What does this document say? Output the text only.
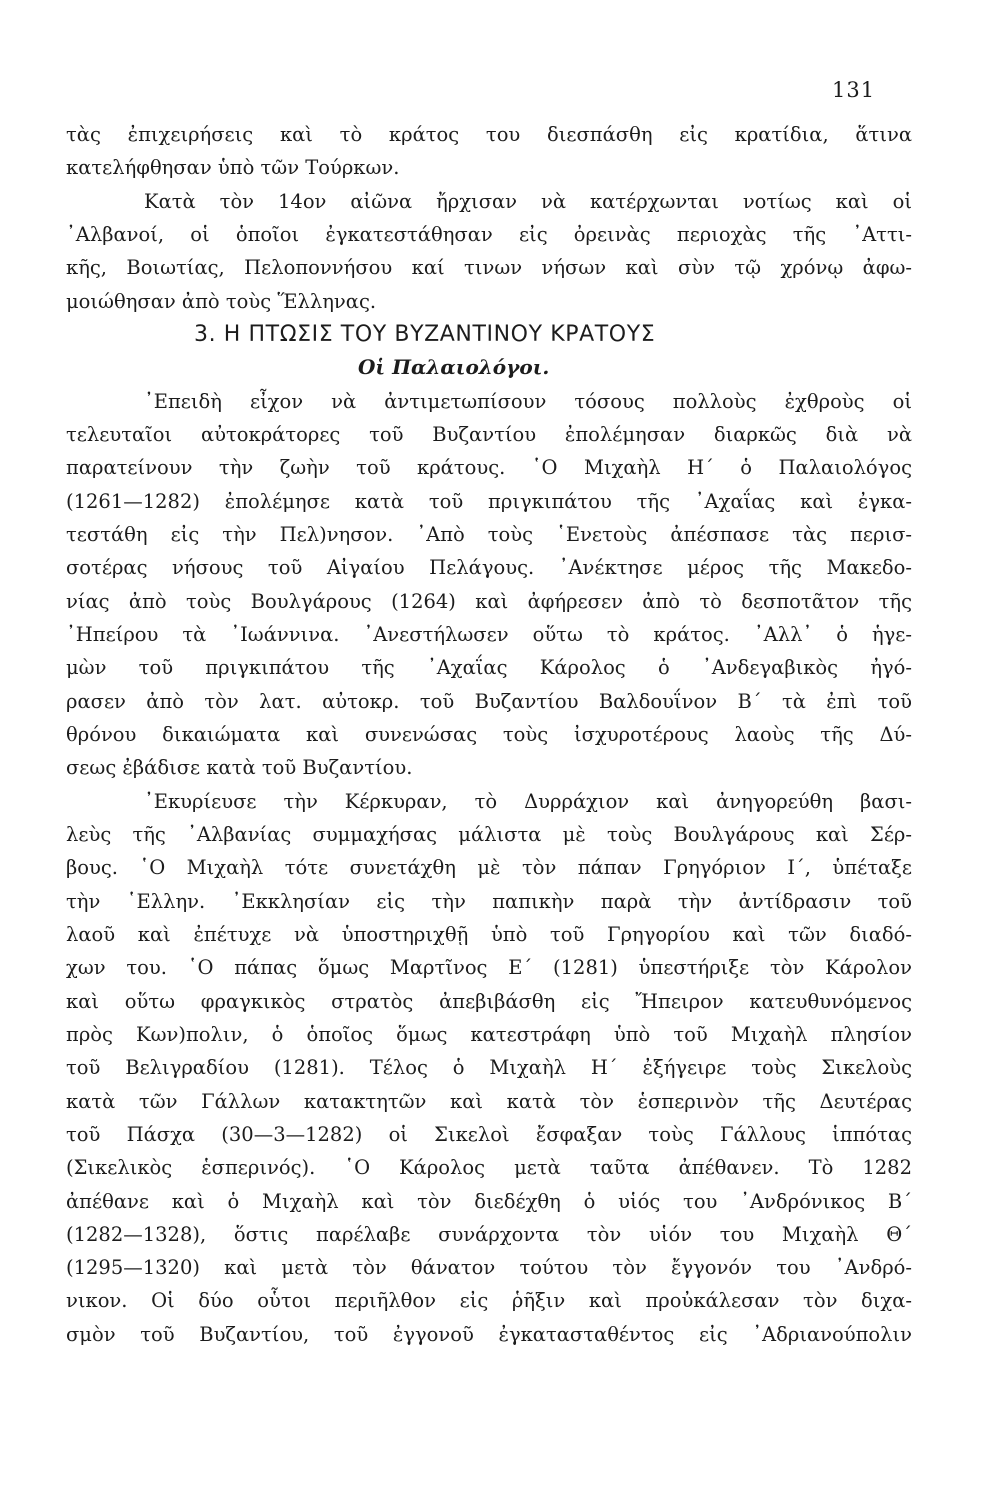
131
τὰς ἐπιχειρήσεις καὶ τὸ κράτος του διεσπάσθη εἰς κρατίδια, ἅτινα
κατελήφθησαν ὑπὸ τῶν Τούρκων.
Κατὰ τὸν 14ον αἰῶνα ἤρχισαν νὰ κατέρχωνται νοτίως καὶ οἱ
᾿Αλβανοί, οἱ ὁποῖοι ἐγκατεστάθησαν εἰς ὀρεινὰς περιοχὰς τῆς ᾿Αττι-
κῆς, Βοιωτίας, Πελοποννήσου καί τινων νήσων καὶ σὺν τῷ χρόνῳ ἀφω-
μοιώθησαν ἀπὸ τοὺς Ἕλληνας.
3. Η ΠΤΩΣΙΣ ΤΟΥ ΒΥΖΑΝΤΙΝΟΥ ΚΡΑΤΟΥΣ
Οἱ Παλαιολόγοι.
᾿Επειδὴ εἶχον νὰ ἀντιμετωπίσουν τόσους πολλοὺς ἐχθροὺς οἱ
τελευταῖοι αὐτοκράτορες τοῦ Βυζαντίου ἐπολέμησαν διαρκῶς διὰ νὰ
παρατείνουν τὴν ζωὴν τοῦ κράτους. ῾Ο Μιχαὴλ Η΄ ὁ Παλαιολόγος
(1261—1282) ἐπολέμησε κατὰ τοῦ πριγκιπάτου τῆς ᾿Αχαΐας καὶ ἐγκα-
τεστάθη εἰς τὴν Πελ)νησον. ᾿Απὸ τοὺς ῾Ενετοὺς ἀπέσπασε τὰς περισ-
σοτέρας νήσους τοῦ Αἰγαίου Πελάγους. ᾿Ανέκτησε μέρος τῆς Μακεδο-
νίας ἀπὸ τοὺς Βουλγάρους (1264) καὶ ἀφήρεσεν ἀπὸ τὸ δεσποτᾶτον τῆς
᾿Ηπείρου τὰ ᾿Ιωάννινα. ᾿Ανεστήλωσεν οὕτω τὸ κράτος. ᾿Αλλ᾿ ὁ ἡγε-
μὼν τοῦ πριγκιπάτου τῆς ᾿Αχαΐας Κάρολος ὁ ᾿Ανδεγαβικὸς ἠγό-
ρασεν ἀπὸ τὸν λατ. αὐτοκρ. τοῦ Βυζαντίου Βαλδουΐνον Β΄ τὰ ἐπὶ τοῦ
θρόνου δικαιώματα καὶ συνενώσας τοὺς ἰσχυροτέρους λαοὺς τῆς Δύ-
σεως ἐβάδισε κατὰ τοῦ Βυζαντίου.
᾿Εκυρίευσε τὴν Κέρκυραν, τὸ Δυρράχιον καὶ ἀνηγορεύθη βασι-
λεὺς τῆς ᾿Αλβανίας συμμαχήσας μάλιστα μὲ τοὺς Βουλγάρους καὶ Σέρ-
βους. ῾Ο Μιχαὴλ τότε συνετάχθη μὲ τὸν πάπαν Γρηγόριον Ι΄, ὑπέταξε
τὴν ῾Ελλην. ᾿Εκκλησίαν εἰς τὴν παπικὴν παρὰ τὴν ἀντίδρασιν τοῦ
λαοῦ καὶ ἐπέτυχε νὰ ὑποστηριχθῇ ὑπὸ τοῦ Γρηγορίου καὶ τῶν διαδό-
χων του. ῾Ο πάπας ὅμως Μαρτῖνος Ε΄ (1281) ὑπεστήριξε τὸν Κάρολον
καὶ οὕτω φραγκικὸς στρατὸς ἀπεβιβάσθη εἰς Ἤπειρον κατευθυνόμενος
πρὸς Κων)πολιν, ὁ ὁποῖος ὅμως κατεστράφη ὑπὸ τοῦ Μιχαὴλ πλησίον
τοῦ Βελιγραδίου (1281). Τέλος ὁ Μιχαὴλ Η΄ ἐξήγειρε τοὺς Σικελοὺς
κατὰ τῶν Γάλλων κατακτητῶν καὶ κατὰ τὸν ἑσπερινὸν τῆς Δευτέρας
τοῦ Πάσχα (30—3—1282) οἱ Σικελοὶ ἔσφαξαν τοὺς Γάλλους ἱππότας
(Σικελικὸς ἑσπερινός). ῾Ο Κάρολος μετὰ ταῦτα ἀπέθανεν. Τὸ 1282
ἀπέθανε καὶ ὁ Μιχαὴλ καὶ τὸν διεδέχθη ὁ υἱός του ᾿Ανδρόνικος Β΄
(1282—1328), ὅστις παρέλαβε συνάρχοντα τὸν υἱόν του Μιχαὴλ Θ΄
(1295—1320) καὶ μετὰ τὸν θάνατον τούτου τὸν ἔγγονόν του ᾿Ανδρό-
νικον. Οἱ δύο οὗτοι περιῆλθον εἰς ῥῆξιν καὶ προὐκάλεσαν τὸν διχα-
σμὸν τοῦ Βυζαντίου, τοῦ ἐγγονοῦ ἐγκατασταθέντος εἰς ᾿Αδριανούπολιν
